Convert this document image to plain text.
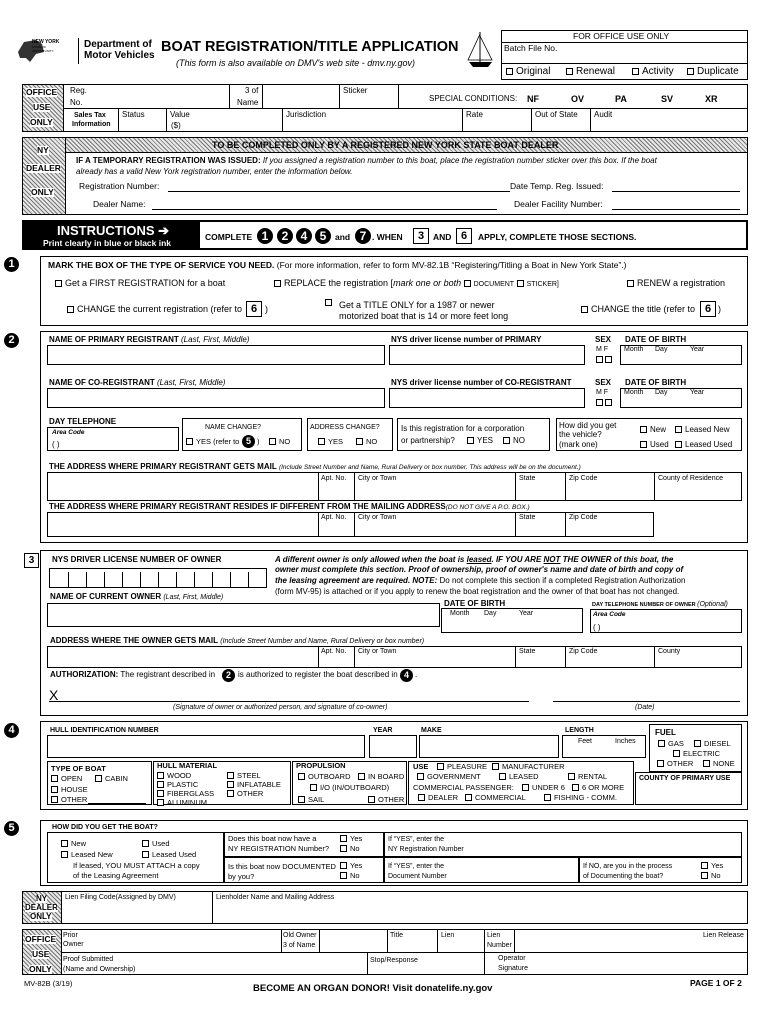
NEW YORK
STATE OF
OPPORTUNITY.
Department of
Motor Vehicles
BOAT REGISTRATION/TITLE APPLICATION
(This form is also available on DMV's web site - dmv.ny.gov)
FOR OFFICE USE ONLY
Batch File No.
Original	Renewal	Activity	Duplicate
OFFICE
USE
ONLY
Reg.
No.
3 of
Name
Sticker
SPECIAL CONDITIONS: NF	OV	PA	SV	XR
Sales Tax
Information
Status	Value
($)
Jurisdiction	Rate	Out of State Audit
NY
DEALER
ONLY
TO BE COMPLETED ONLY BY A REGISTERED NEW YORK STATE BOAT DEALER
IF A TEMPORARY REGISTRATION WAS ISSUED: If you assigned a registration number to this boat, place the registration number sticker over this box. If the boat
already has a valid New York registration number, enter the information below.
Registration Number:	Date Temp. Reg. Issued:
Dealer Name:	Dealer Facility Number:
INSTRUCTIONS ➔
Print clearly in blue or black ink
COMPLETE 1	2	4	5	and 7 . WHEN	3	AND 6	APPLY, COMPLETE THOSE SECTIONS.
1	MARK THE BOX OF THE TYPE OF SERVICE YOU NEED. (For more information, refer to form MV-82.1B “Registering/Titling a Boat in New York State”.)
Get a FIRST REGISTRATION for a boat	REPLACE the registration [mark one or both DOCUMENT STICKER]	RENEW a registration
CHANGE the current registration (refer to 6 )	Get a TITLE ONLY for a 1987 or newer
motorized boat that is 14 or more feet long
CHANGE the title (refer to 6 )
2	NAME OF PRIMARY REGISTRANT (Last, First, Middle)	NYS driver license number of PRIMARY	SEX
M F
DATE OF BIRTH
Month Day	Year
NAME OF CO-REGISTRANT (Last, First, Middle)	NYS driver license number of CO-REGISTRANT	SEX
M F
DATE OF BIRTH
Month Day	Year
DAY TELEPHONE
Area Code
( )
NAME CHANGE?
YES (refer to 5 )	NO
ADDRESS CHANGE?
YES	NO
Is this registration for a corporation
or partnership?	YES	NO
How did you get
the vehicle?
(mark one)
New	Leased New
Used	Leased Used
THE ADDRESS WHERE PRIMARY REGISTRANT GETS MAIL (Include Street Number and Name, Rural Delivery or box number. This address will be on the document.)
Apt. No. City or Town	State	Zip Code	County of Residence
THE ADDRESS WHERE PRIMARY REGISTRANT RESIDES IF DIFFERENT FROM THE MAILING ADDRESS(DO NOT GIVE A P.O. BOX.)
Apt. No. City or Town	State	Zip Code
3	NYS DRIVER LICENSE NUMBER OF OWNER	A different owner is only allowed when the boat is leased. IF YOU ARE NOT THE OWNER of this boat, the
owner must complete this section. Proof of ownership, proof of owner's name and date of birth and copy of
the leasing agreement are required. NOTE: Do not complete this section if a completed Registration Authorization
(form MV-95) is attached or if you apply to renew the boat registration and the owner of that boat has not changed.
NAME OF CURRENT OWNER (Last, First, Middle)
DATE OF BIRTH
Month Day	Year
DAY TELEPHONE NUMBER OF OWNER (Optional)
Area Code
( )
ADDRESS WHERE THE OWNER GETS MAIL (Include Street Number and Name, Rural Delivery or box number)
Apt. No. City or Town	State	Zip Code	County
AUTHORIZATION: The registrant described in	2 is authorized to register the boat described in 4 .
X
(Signature of owner or authorized person, and signature of co-owner)	(Date)
4	HULL IDENTIFICATION NUMBER	YEAR	MAKE	LENGTH
Feet	Inches
FUEL
GAS	DIESEL
ELECTRIC
OTHER	NONE
TYPE OF BOAT
OPEN	CABIN
HOUSE
OTHER
HULL MATERIAL
WOOD
PLASTIC
FIBERGLASS
ALUMINUM
STEEL
INFLATABLE
OTHER
PROPULSION
OUTBOARD	IN BOARD
I/O (IN/OUTBOARD)
SAIL	OTHER
USE	PLEASURE	MANUFACTURER
GOVERNMENT	LEASED	RENTAL
COMMERCIAL PASSENGER:	UNDER 6	6 OR MORE
DEALER	COMMERCIAL	FISHING - COMM.
COUNTY OF PRIMARY USE
5	HOW DID YOU GET THE BOAT?
New	Used
Leased New	Leased Used
If leased, YOU MUST ATTACH a copy
of the Leasing Agreement
Does this boat now have a
NY REGISTRATION Number?
Yes
No
If “YES”, enter the
NY Registration Number
Is this boat now DOCUMENTED
by you?
Yes
No
If “YES”, enter the
Document Number
If NO, are you in the process
of Documenting the boat?
Yes
No
NY
DEALER
ONLY
Lien Filing Code(Assigned by DMV)	Lienholder Name and Mailing Address
OFFICE
USE
ONLY
Prior
Owner
Old Owner
3 of Name
Title	Lien	Lien
Number
Lien Release
Proof Submitted
(Name and Ownership)
Stop/Response	Operator
Signature
MV-82B (3/19)	BECOME AN ORGAN DONOR! Visit donatelife.ny.gov	PAGE 1 OF 2
